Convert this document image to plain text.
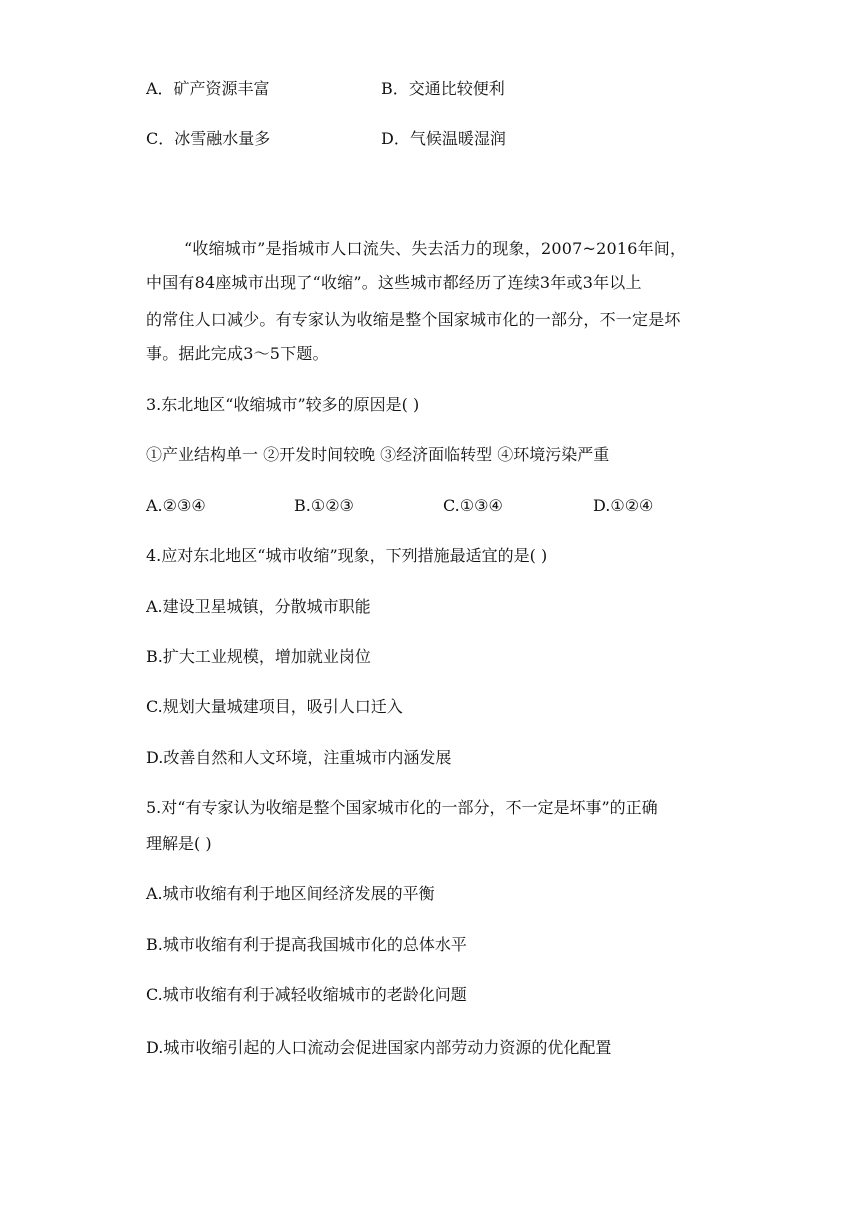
A．矿产资源丰富	B．交通比较便利
C．冰雪融水量多	D．气候温暖湿润
“收缩城市”是指城市人口流失、失去活力的现象，2007~2016年间，
中国有84座城市出现了“收缩”。这些城市都经历了连续3年或3年以上
的常住人口减少。有专家认为收缩是整个国家城市化的一部分，不一定是坏
事。据此完成3～5下题。
3.东北地区“收缩城市”较多的原因是( )
①产业结构单一 ②开发时间较晚 ③经济面临转型 ④环境污染严重
A.②③④	B.①②③	C.①③④	D.①②④
4.应对东北地区“城市收缩”现象，下列措施最适宜的是( )
A.建设卫星城镇，分散城市职能
B.扩大工业规模，增加就业岗位
C.规划大量城建项目，吸引人口迁入
D.改善自然和人文环境，注重城市内涵发展
5.对“有专家认为收缩是整个国家城市化的一部分，不一定是坏事”的正确
理解是( )
A.城市收缩有利于地区间经济发展的平衡
B.城市收缩有利于提高我国城市化的总体水平
C.城市收缩有利于减轻收缩城市的老龄化问题
D.城市收缩引起的人口流动会促进国家内部劳动力资源的优化配置
